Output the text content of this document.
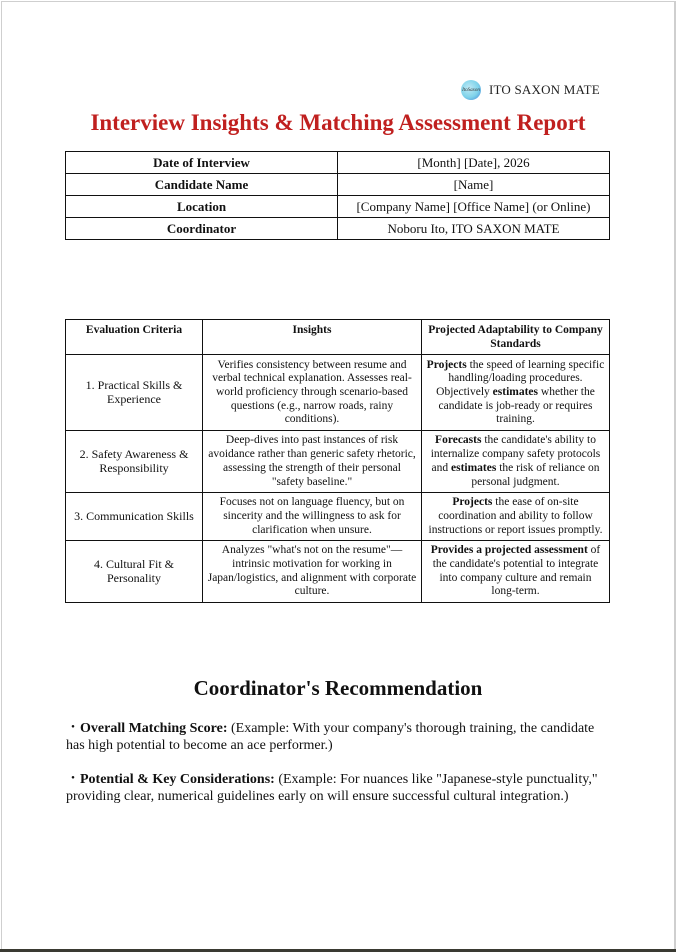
ItoSaxon ITO SAXON MATE
Interview Insights & Matching Assessment Report
Date of Interview	[Month] [Date], 2026
Candidate Name	[Name]
Location	[Company Name] [Office Name] (or Online)
Coordinator	Noboru Ito, ITO SAXON MATE
Evaluation Criteria	Insights	Projected Adaptability to Company Standards
1. Practical Skills & Experience	Verifies consistency between resume and verbal technical explanation. Assesses real-world proficiency through scenario-based questions (e.g., narrow roads, rainy conditions).	Projects the speed of learning specific handling/loading procedures. Objectively estimates whether the candidate is job-ready or requires training.
2. Safety Awareness & Responsibility	Deep-dives into past instances of risk avoidance rather than generic safety rhetoric, assessing the strength of their personal "safety baseline."	Forecasts the candidate's ability to internalize company safety protocols and estimates the risk of reliance on personal judgment.
3. Communication Skills	Focuses not on language fluency, but on sincerity and the willingness to ask for clarification when unsure.	Projects the ease of on-site coordination and ability to follow instructions or report issues promptly.
4. Cultural Fit & Personality	Analyzes "what's not on the resume"—intrinsic motivation for working in Japan/logistics, and alignment with corporate culture.	Provides a projected assessment of the candidate's potential to integrate into company culture and remain long-term.
Coordinator's Recommendation
・Overall Matching Score: (Example: With your company's thorough training, the candidate has high potential to become an ace performer.)
・Potential & Key Considerations: (Example: For nuances like "Japanese-style punctuality," providing clear, numerical guidelines early on will ensure successful cultural integration.)
